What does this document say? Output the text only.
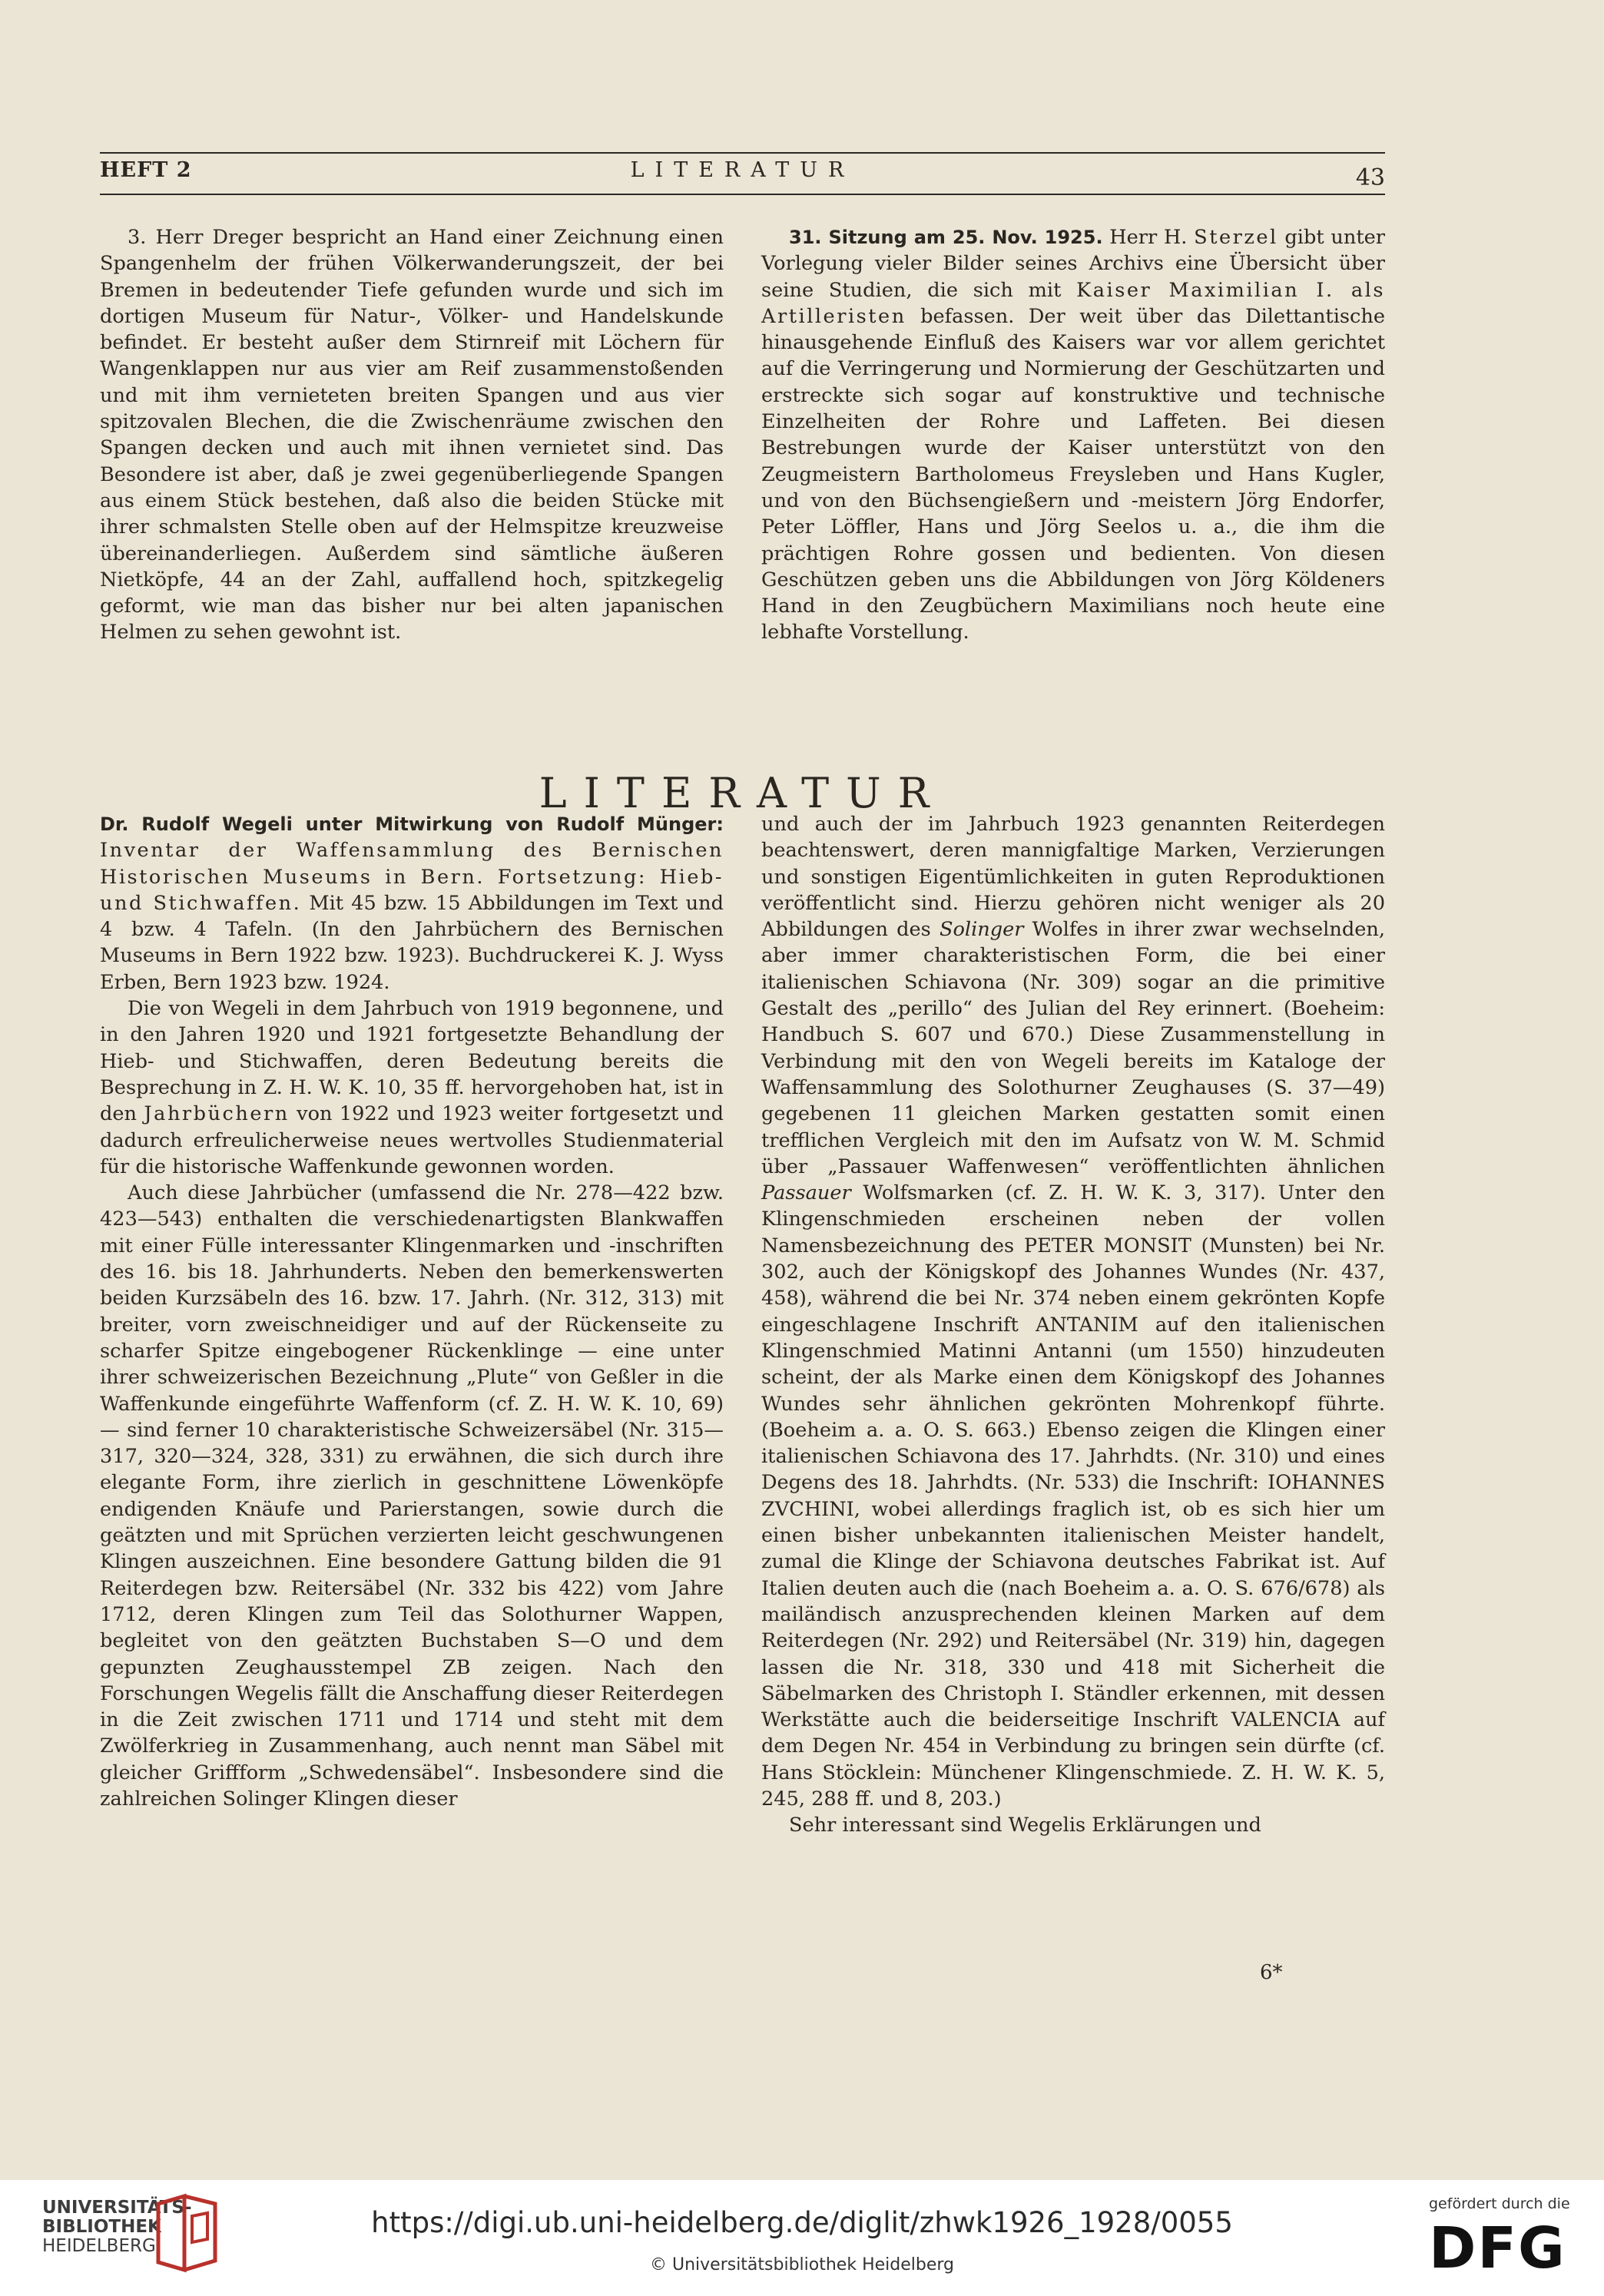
HEFT 2	LITERATUR	43

3. Herr Dreger bespricht an Hand einer Zeichnung einen Spangenhelm der frühen Völkerwanderungszeit, der bei Bremen in bedeutender Tiefe gefunden wurde und sich im dortigen Museum für Natur-, Völker- und Handelskunde befindet. Er besteht außer dem Stirnreif mit Löchern für Wangenklappen nur aus vier am Reif zusammenstoßenden und mit ihm vernieteten breiten Spangen und aus vier spitzovalen Blechen, die die Zwischenräume zwischen den Spangen decken und auch mit ihnen vernietet sind. Das Besondere ist aber, daß je zwei gegenüberliegende Spangen aus einem Stück bestehen, daß also die beiden Stücke mit ihrer schmalsten Stelle oben auf der Helmspitze kreuzweise übereinanderliegen. Außerdem sind sämtliche äußeren Nietköpfe, 44 an der Zahl, auffallend hoch, spitzkegelig geformt, wie man das bisher nur bei alten japanischen Helmen zu sehen gewohnt ist.

31. Sitzung am 25. Nov. 1925. Herr H. Sterzel gibt unter Vorlegung vieler Bilder seines Archivs eine Übersicht über seine Studien, die sich mit Kaiser Maximilian I. als Artilleristen befassen. Der weit über das Dilettantische hinausgehende Einfluß des Kaisers war vor allem gerichtet auf die Verringerung und Normierung der Geschützarten und erstreckte sich sogar auf konstruktive und technische Einzelheiten der Rohre und Laffeten. Bei diesen Bestrebungen wurde der Kaiser unterstützt von den Zeugmeistern Bartholomeus Freysleben und Hans Kugler, und von den Büchsengießern und -meistern Jörg Endorfer, Peter Löffler, Hans und Jörg Seelos u. a., die ihm die prächtigen Rohre gossen und bedienten. Von diesen Geschützen geben uns die Abbildungen von Jörg Köldeners Hand in den Zeugbüchern Maximilians noch heute eine lebhafte Vorstellung.

LITERATUR

Dr. Rudolf Wegeli unter Mitwirkung von Rudolf Münger: Inventar der Waffensammlung des Bernischen Historischen Museums in Bern. Fortsetzung: Hieb- und Stichwaffen. Mit 45 bzw. 15 Abbildungen im Text und 4 bzw. 4 Tafeln. (In den Jahrbüchern des Bernischen Museums in Bern 1922 bzw. 1923). Buchdruckerei K. J. Wyss Erben, Bern 1923 bzw. 1924.

Die von Wegeli in dem Jahrbuch von 1919 begonnene, und in den Jahren 1920 und 1921 fortgesetzte Behandlung der Hieb- und Stichwaffen, deren Bedeutung bereits die Besprechung in Z. H. W. K. 10, 35 ff. hervorgehoben hat, ist in den Jahrbüchern von 1922 und 1923 weiter fortgesetzt und dadurch erfreulicherweise neues wertvolles Studienmaterial für die historische Waffenkunde gewonnen worden.

Auch diese Jahrbücher (umfassend die Nr. 278—422 bzw. 423—543) enthalten die verschiedenartigsten Blankwaffen mit einer Fülle interessanter Klingenmarken und -inschriften des 16. bis 18. Jahrhunderts. Neben den bemerkenswerten beiden Kurzsäbeln des 16. bzw. 17. Jahrh. (Nr. 312, 313) mit breiter, vorn zweischneidiger und auf der Rückenseite zu scharfer Spitze eingebogener Rückenklinge — eine unter ihrer schweizerischen Bezeichnung „Plute“ von Geßler in die Waffenkunde eingeführte Waffenform (cf. Z. H. W. K. 10, 69) — sind ferner 10 charakteristische Schweizersäbel (Nr. 315—317, 320—324, 328, 331) zu erwähnen, die sich durch ihre elegante Form, ihre zierlich in geschnittene Löwenköpfe endigenden Knäufe und Parierstangen, sowie durch die geätzten und mit Sprüchen verzierten leicht geschwungenen Klingen auszeichnen. Eine besondere Gattung bilden die 91 Reiterdegen bzw. Reitersäbel (Nr. 332 bis 422) vom Jahre 1712, deren Klingen zum Teil das Solothurner Wappen, begleitet von den geätzten Buchstaben S—O und dem gepunzten Zeughausstempel ZB zeigen. Nach den Forschungen Wegelis fällt die Anschaffung dieser Reiterdegen in die Zeit zwischen 1711 und 1714 und steht mit dem Zwölferkrieg in Zusammenhang, auch nennt man Säbel mit gleicher Griffform „Schwedensäbel“. Insbesondere sind die zahlreichen Solinger Klingen dieser

und auch der im Jahrbuch 1923 genannten Reiterdegen beachtenswert, deren mannigfaltige Marken, Verzierungen und sonstigen Eigentümlichkeiten in guten Reproduktionen veröffentlicht sind. Hierzu gehören nicht weniger als 20 Abbildungen des Solinger Wolfes in ihrer zwar wechselnden, aber immer charakteristischen Form, die bei einer italienischen Schiavona (Nr. 309) sogar an die primitive Gestalt des „perillo“ des Julian del Rey erinnert. (Boeheim: Handbuch S. 607 und 670.) Diese Zusammenstellung in Verbindung mit den von Wegeli bereits im Kataloge der Waffensammlung des Solothurner Zeughauses (S. 37—49) gegebenen 11 gleichen Marken gestatten somit einen trefflichen Vergleich mit den im Aufsatz von W. M. Schmid über „Passauer Waffenwesen“ veröffentlichten ähnlichen Passauer Wolfsmarken (cf. Z. H. W. K. 3, 317). Unter den Klingenschmieden erscheinen neben der vollen Namensbezeichnung des PETER MONSIT (Munsten) bei Nr. 302, auch der Königskopf des Johannes Wundes (Nr. 437, 458), während die bei Nr. 374 neben einem gekrönten Kopfe eingeschlagene Inschrift ANTANIM auf den italienischen Klingenschmied Matinni Antanni (um 1550) hinzudeuten scheint, der als Marke einen dem Königskopf des Johannes Wundes sehr ähnlichen gekrönten Mohrenkopf führte. (Boeheim a. a. O. S. 663.) Ebenso zeigen die Klingen einer italienischen Schiavona des 17. Jahrhdts. (Nr. 310) und eines Degens des 18. Jahrhdts. (Nr. 533) die Inschrift: IOHANNES ZVCHINI, wobei allerdings fraglich ist, ob es sich hier um einen bisher unbekannten italienischen Meister handelt, zumal die Klinge der Schiavona deutsches Fabrikat ist. Auf Italien deuten auch die (nach Boeheim a. a. O. S. 676/678) als mailändisch anzusprechenden kleinen Marken auf dem Reiterdegen (Nr. 292) und Reitersäbel (Nr. 319) hin, dagegen lassen die Nr. 318, 330 und 418 mit Sicherheit die Säbelmarken des Christoph I. Ständler erkennen, mit dessen Werkstätte auch die beiderseitige Inschrift VALENCIA auf dem Degen Nr. 454 in Verbindung zu bringen sein dürfte (cf. Hans Stöcklein: Münchener Klingenschmiede. Z. H. W. K. 5, 245, 288 ff. und 8, 203.)

Sehr interessant sind Wegelis Erklärungen und

6*
UNIVERSITÄTS-
BIBLIOTHEK
HEIDELBERG
https://digi.ub.uni-heidelberg.de/diglit/zhwk1926_1928/0055
© Universitätsbibliothek Heidelberg
gefördert durch die
DFG
